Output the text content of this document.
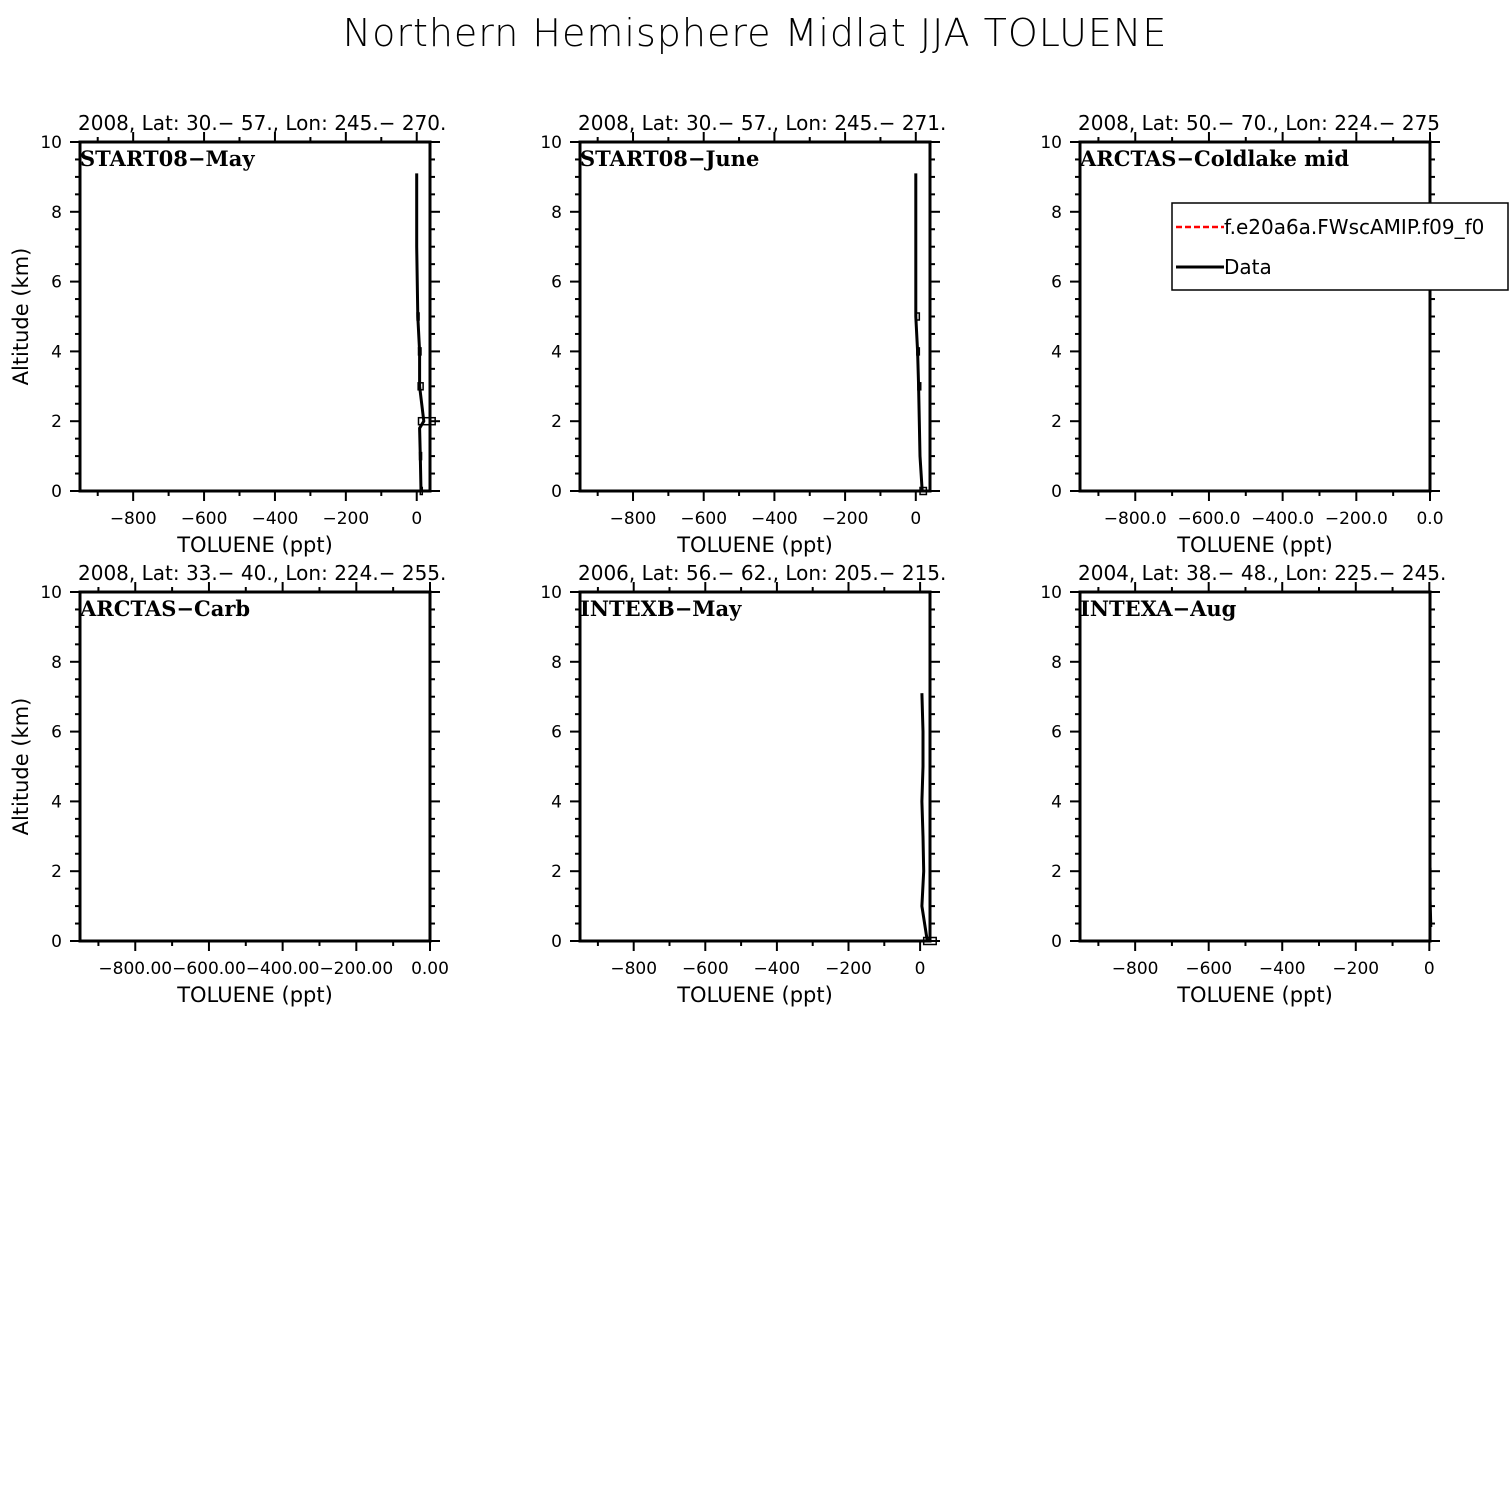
Northern Hemisphere Midlat JJA TOLUENE
2008, Lat: 30.− 57., Lon: 245.− 270.
START08−May
0
2
4
6
8
10
−800 −600 −400 −200 0
TOLUENE (ppt)
Altitude (km)
2008, Lat: 30.− 57., Lon: 245.− 271.
START08−June
0
2
4
6
8
10
−800 −600 −400 −200 0
TOLUENE (ppt)
2008, Lat: 50.− 70., Lon: 224.− 275
ARCTAS−Coldlake mid
0
2
4
6
8
10
−800.0 −600.0 −400.0 −200.0 0.0
TOLUENE (ppt)
2008, Lat: 33.− 40., Lon: 224.− 255.
ARCTAS−Carb
0
2
4
6
8
10
−800.00 −600.00 −400.00 −200.00 0.00
TOLUENE (ppt)
Altitude (km)
2006, Lat: 56.− 62., Lon: 205.− 215.
INTEXB−May
0
2
4
6
8
10
−800 −600 −400 −200	0
TOLUENE (ppt)
2004, Lat: 38.− 48., Lon: 225.− 245.
INTEXA−Aug
0
2
4
6
8
10
−800 −600 −400 −200	0
TOLUENE (ppt)
f.e20a6a.FWscAMIP.f09_f0
Data
